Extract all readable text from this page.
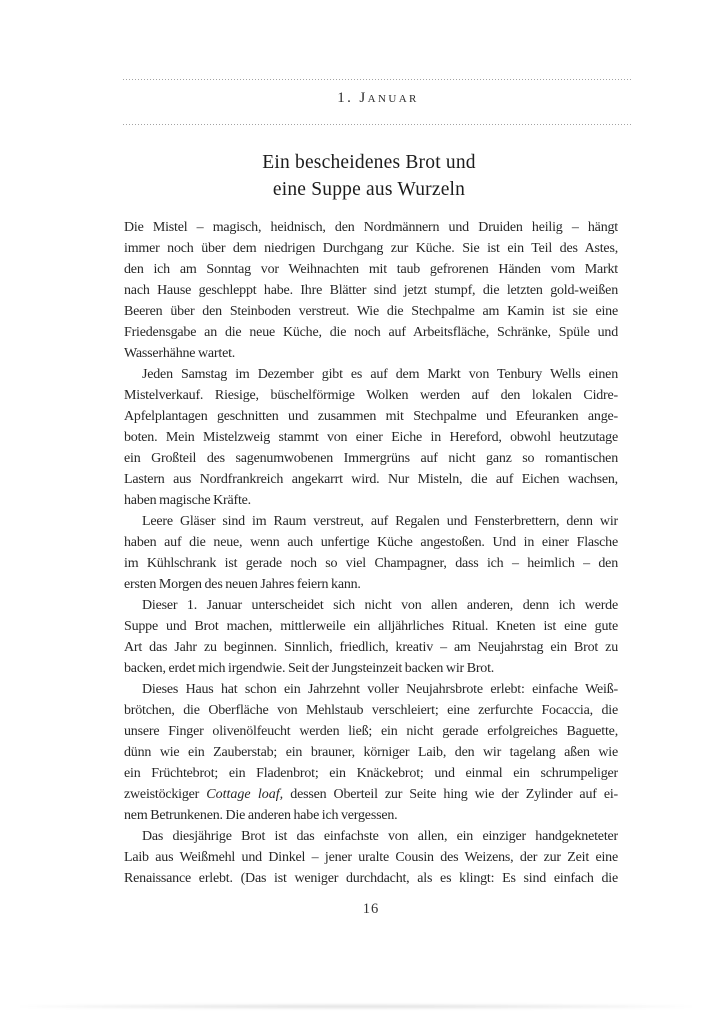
1. Januar
Ein bescheidenes Brot und
eine Suppe aus Wurzeln
Die Mistel – magisch, heidnisch, den Nordmännern und Druiden heilig – hängt
immer noch über dem niedrigen Durchgang zur Küche. Sie ist ein Teil des Astes,
den ich am Sonntag vor Weihnachten mit taub gefrorenen Händen vom Markt
nach Hause geschleppt habe. Ihre Blätter sind jetzt stumpf, die letzten gold-weißen
Beeren über den Steinboden verstreut. Wie die Stechpalme am Kamin ist sie eine
Friedensgabe an die neue Küche, die noch auf Arbeitsfläche, Schränke, Spüle und
Wasserhähne wartet.
Jeden Samstag im Dezember gibt es auf dem Markt von Tenbury Wells einen
Mistelverkauf. Riesige, büschelförmige Wolken werden auf den lokalen Cidre-
Apfelplantagen geschnitten und zusammen mit Stechpalme und Efeuranken ange-
boten. Mein Mistelzweig stammt von einer Eiche in Hereford, obwohl heutzutage
ein Großteil des sagenumwobenen Immergrüns auf nicht ganz so romantischen
Lastern aus Nordfrankreich angekarrt wird. Nur Misteln, die auf Eichen wachsen,
haben magische Kräfte.
Leere Gläser sind im Raum verstreut, auf Regalen und Fensterbrettern, denn wir
haben auf die neue, wenn auch unfertige Küche angestoßen. Und in einer Flasche
im Kühlschrank ist gerade noch so viel Champagner, dass ich – heimlich – den
ersten Morgen des neuen Jahres feiern kann.
Dieser 1. Januar unterscheidet sich nicht von allen anderen, denn ich werde
Suppe und Brot machen, mittlerweile ein alljährliches Ritual. Kneten ist eine gute
Art das Jahr zu beginnen. Sinnlich, friedlich, kreativ – am Neujahrstag ein Brot zu
backen, erdet mich irgendwie. Seit der Jungsteinzeit backen wir Brot.
Dieses Haus hat schon ein Jahrzehnt voller Neujahrsbrote erlebt: einfache Weiß-
brötchen, die Oberfläche von Mehlstaub verschleiert; eine zerfurchte Focaccia, die
unsere Finger olivenölfeucht werden ließ; ein nicht gerade erfolgreiches Baguette,
dünn wie ein Zauberstab; ein brauner, körniger Laib, den wir tagelang aßen wie
ein Früchtebrot; ein Fladenbrot; ein Knäckebrot; und einmal ein schrumpeliger
zweistöckiger Cottage loaf, dessen Oberteil zur Seite hing wie der Zylinder auf ei-
nem Betrunkenen. Die anderen habe ich vergessen.
Das diesjährige Brot ist das einfachste von allen, ein einziger handgekneteter
Laib aus Weißmehl und Dinkel – jener uralte Cousin des Weizens, der zur Zeit eine
Renaissance erlebt. (Das ist weniger durchdacht, als es klingt: Es sind einfach die
16
